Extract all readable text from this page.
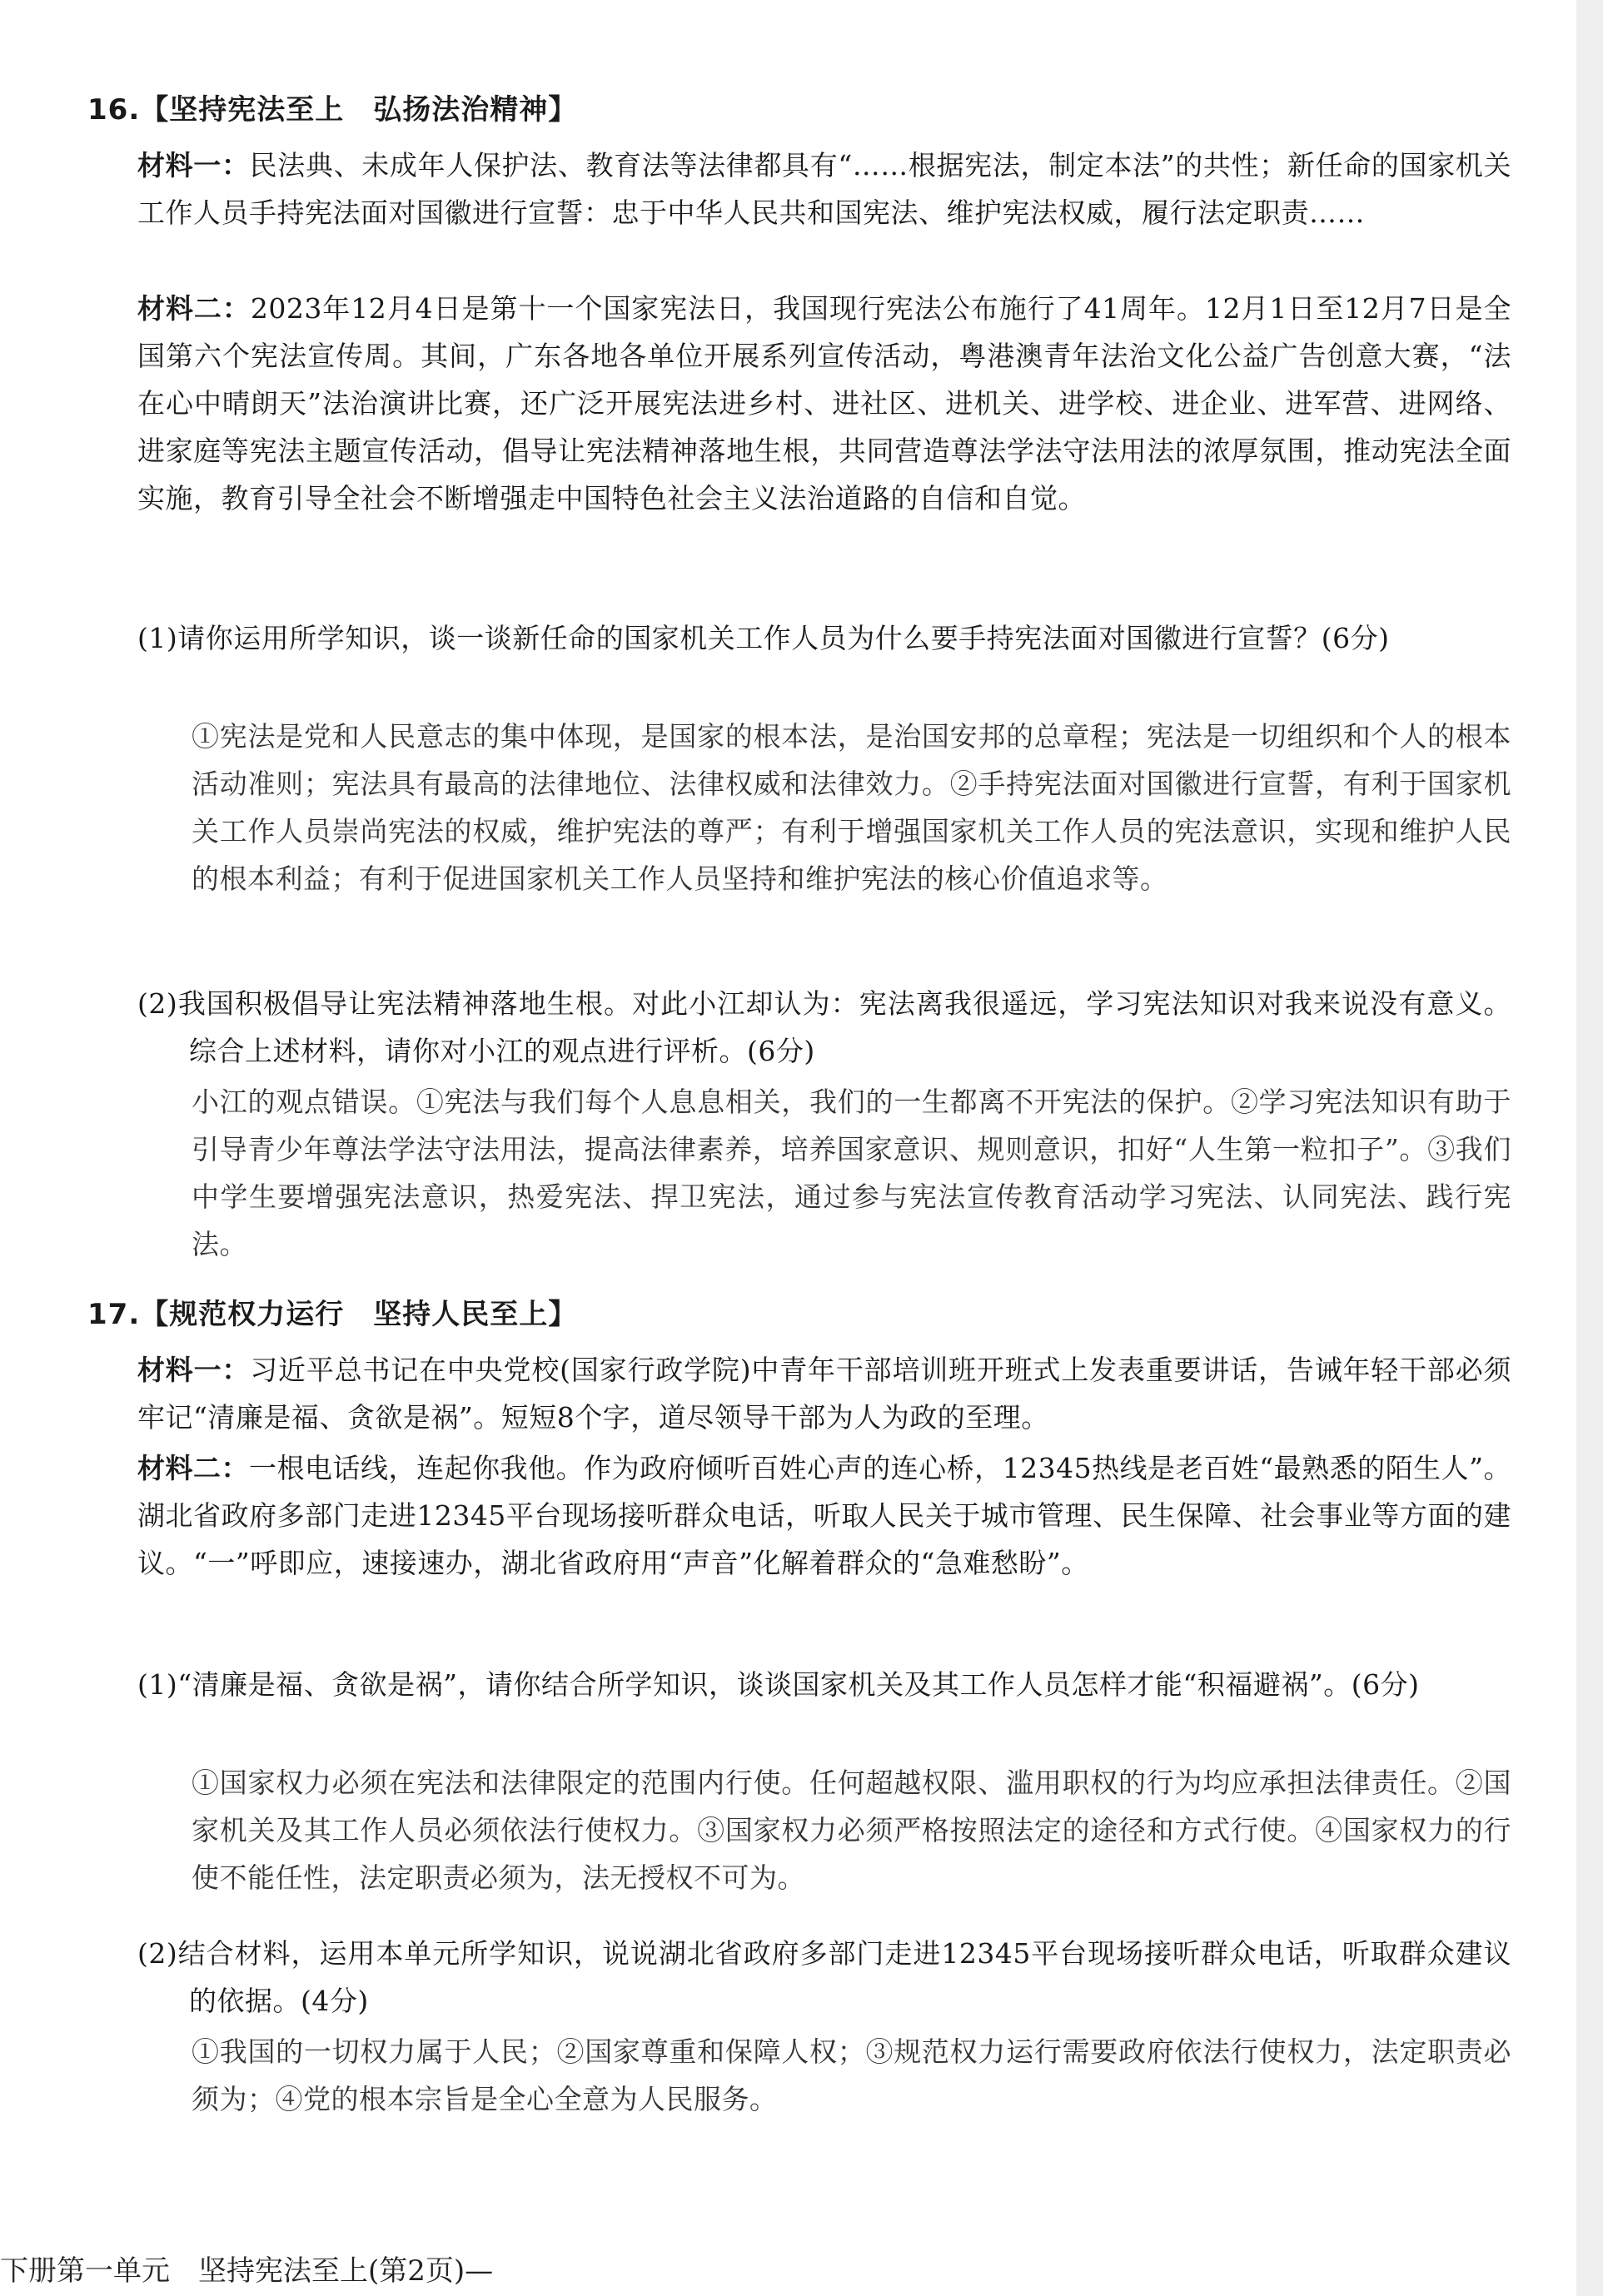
16.【坚持宪法至上　弘扬法治精神】

材料一：民法典、未成年人保护法、教育法等法律都具有“……根据宪法，制定本法”的共性；新任命的国家机关工作人员手持宪法面对国徽进行宣誓：忠于中华人民共和国宪法、维护宪法权威，履行法定职责……

材料二：2023年12月4日是第十一个国家宪法日，我国现行宪法公布施行了41周年。12月1日至12月7日是全国第六个宪法宣传周。其间，广东各地各单位开展系列宣传活动，粤港澳青年法治文化公益广告创意大赛，“法在心中晴朗天”法治演讲比赛，还广泛开展宪法进乡村、进社区、进机关、进学校、进企业、进军营、进网络、进家庭等宪法主题宣传活动，倡导让宪法精神落地生根，共同营造尊法学法守法用法的浓厚氛围，推动宪法全面实施，教育引导全社会不断增强走中国特色社会主义法治道路的自信和自觉。

(1)请你运用所学知识，谈一谈新任命的国家机关工作人员为什么要手持宪法面对国徽进行宣誓？(6分)

①宪法是党和人民意志的集中体现，是国家的根本法，是治国安邦的总章程；宪法是一切组织和个人的根本活动准则；宪法具有最高的法律地位、法律权威和法律效力。②手持宪法面对国徽进行宣誓，有利于国家机关工作人员崇尚宪法的权威，维护宪法的尊严；有利于增强国家机关工作人员的宪法意识，实现和维护人民的根本利益；有利于促进国家机关工作人员坚持和维护宪法的核心价值追求等。

(2)我国积极倡导让宪法精神落地生根。对此小江却认为：宪法离我很遥远，学习宪法知识对我来说没有意义。综合上述材料，请你对小江的观点进行评析。(6分)

小江的观点错误。①宪法与我们每个人息息相关，我们的一生都离不开宪法的保护。②学习宪法知识有助于引导青少年尊法学法守法用法，提高法律素养，培养国家意识、规则意识，扣好“人生第一粒扣子”。③我们中学生要增强宪法意识，热爱宪法、捍卫宪法，通过参与宪法宣传教育活动学习宪法、认同宪法、践行宪法。

17.【规范权力运行　坚持人民至上】

材料一：习近平总书记在中央党校(国家行政学院)中青年干部培训班开班式上发表重要讲话，告诫年轻干部必须牢记“清廉是福、贪欲是祸”。短短8个字，道尽领导干部为人为政的至理。

材料二：一根电话线，连起你我他。作为政府倾听百姓心声的连心桥，12345热线是老百姓“最熟悉的陌生人”。湖北省政府多部门走进12345平台现场接听群众电话，听取人民关于城市管理、民生保障、社会事业等方面的建议。“一”呼即应，速接速办，湖北省政府用“声音”化解着群众的“急难愁盼”。

(1)“清廉是福、贪欲是祸”，请你结合所学知识，谈谈国家机关及其工作人员怎样才能“积福避祸”。(6分)

①国家权力必须在宪法和法律限定的范围内行使。任何超越权限、滥用职权的行为均应承担法律责任。②国家机关及其工作人员必须依法行使权力。③国家权力必须严格按照法定的途径和方式行使。④国家权力的行使不能任性，法定职责必须为，法无授权不可为。

(2)结合材料，运用本单元所学知识，说说湖北省政府多部门走进12345平台现场接听群众电话，听取群众建议的依据。(4分)

①我国的一切权力属于人民；②国家尊重和保障人权；③规范权力运行需要政府依法行使权力，法定职责必须为；④党的根本宗旨是全心全意为人民服务。

下册第一单元　坚持宪法至上(第2页)—
